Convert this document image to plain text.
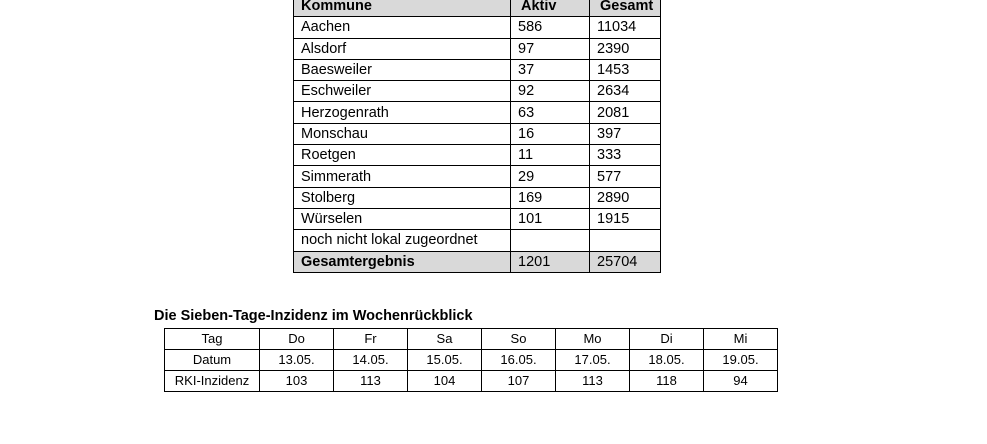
Kommune	Aktiv	Gesamt
Aachen	586	11034
Alsdorf	97	2390
Baesweiler	37	1453
Eschweiler	92	2634
Herzogenrath	63	2081
Monschau	16	397
Roetgen	11	333
Simmerath	29	577
Stolberg	169	2890
Würselen	101	1915
noch nicht lokal zugeordnet		
Gesamtergebnis	1201	25704
Die Sieben-Tage-Inzidenz im Wochenrückblick
Tag	Do	Fr	Sa	So	Mo	Di	Mi
Datum	13.05.	14.05.	15.05.	16.05.	17.05.	18.05.	19.05.
RKI-Inzidenz	103	113	104	107	113	118	94
